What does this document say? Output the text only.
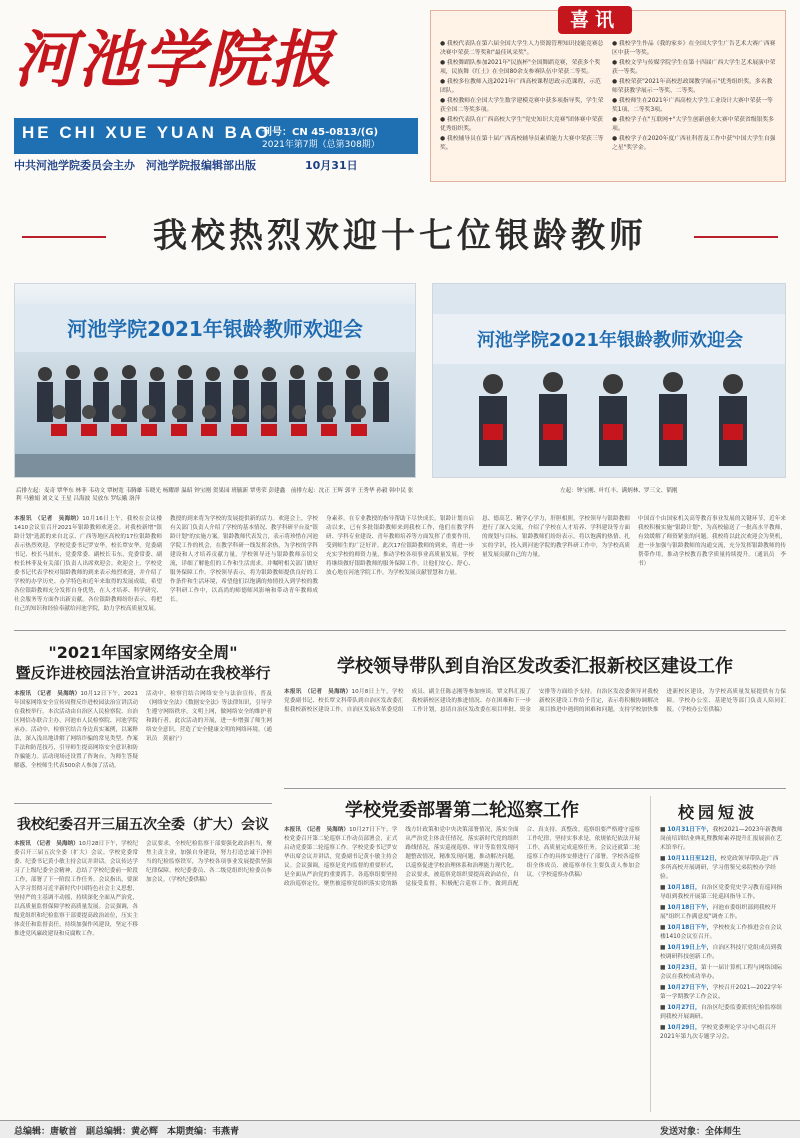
河池学院报
HE CHI XUE YUAN BAO
刊号：CN 45-0813/(G)
2021年第7期（总第308期）
中共河池学院委员会主办　河池学院报编辑部出版	10月31日
喜讯
● 我校代表队在第六届全国大学生人力资源管理知识技能竞赛总决赛中荣获二等奖和"最佳风采奖"。
● 我校舞蹈队参加2021年"民族杯"全国舞蹈竞赛，荣获多个奖项，民族舞《红土》在全国80余支参赛队伍中荣获二等奖。
● 我校多位教师入选2021年广西高校课程思政示范课程、示范团队。
● 我校教师在全国大学生数学建模竞赛中获多项指导奖，学生荣获全国二等奖多项。
● 我校代表队在广西高校大学生"党史知识大竞赛"团体赛中荣获优秀组织奖。
● 我校辅导员在第十届广西高校辅导员素质能力大赛中荣获三等奖。
● 我校学生作品《我的家乡》在全国大学生广告艺术大赛广西赛区中获一等奖。
● 我校文学与传媒学院学生在第十四届广西大学生艺术展演中荣获一等奖。
● 我校荣获"2021年高校思政课教学展示"优秀组织奖，多名教师荣获教学展示一等奖、二等奖。
● 我校师生在2021年广西高校大学生工业设计大赛中荣获一等奖1项、二等奖3项。
● 我校学子在"互联网+"大学生创新创业大赛中荣获省级银奖多项。
● 我校学子在2020年度广西社科普及工作中获"中国大学生自强之星"奖学金。
我校热烈欢迎十七位银龄教师
河池学院2021年银龄教师欢迎会
后排左起：麦奇 覃华东 林菲 韦功文 覃树宽 韦腾雄 韦晓光 杨耀群 温昭 钟宝刚 贺果园 班毓新 覃勇荣 彭建鑫　前排左起：沈正 王辉 郭平 王秀华 孙毅 韩中民 张利 马雅娟 刘文义 王星 吕海波 吴放东 罗纭娥 洛萍
河池学院2021年银龄教师欢迎会
左起：钟宝刚、叶红丰、满炳林、罗三文、韬刚
本报讯　（记者　吴海纳）10月16日上午，我校在会议楼1410会议室召开2021年银龄教师欢迎会。对我校新增"银龄计划"选派的来自北京、广西等地区高校的17位银龄教师表示热烈欢迎。学校党委书记罗安华，校长覃安华，党委副书记、校长马晨东，党委常委、副校长韦东，党委常委、副校长林菲及有关部门负责人出席欢迎会。欢迎会上，学校党委书记代表学校对银龄教师的到来表示热烈欢迎，并介绍了学校的办学历史、办学特色和近年来取得的发展成绩，希望各位银龄教师充分发挥自身优势，在人才培养、科学研究、社会服务等方面作出新贡献。各位银龄教师纷纷表示，将把自己的知识和经验奉献给河池学院，助力学校高质量发展。
教授的到来将为学校的发展提供新的活力。欢迎会上，学校有关部门负责人介绍了学校的基本情况、教学科研平台及"银龄计划"的实施方案。银龄教师代表发言，表示将珍惜在河池学院工作的机会，在教学科研一线发挥余热，为学校的学科建设和人才培养贡献力量。学校领导还与银龄教师亲切交流，详细了解他们的工作和生活需求，并嘱咐相关部门做好服务保障工作。学校领导表示，将为银龄教师提供良好的工作条件和生活环境，希望他们以饱满的热情投入到学校的教学科研工作中，以高尚的师德师风影响和带动青年教师成长。
身素养，在专业教授的指导帮助下尽快成长。银龄计划自启动以来，已有多批银龄教师来到我校工作，他们在教学科研、学科专业建设、青年教师培养等方面发挥了重要作用，受到师生的广泛好评。此次17位银龄教师的到来，将进一步充实学校的师资力量，推动学校各项事业高质量发展。学校将继续做好银龄教师的服务保障工作，让他们安心、舒心、放心地在河池学院工作，为学校发展贡献智慧和力量。
恳、德高艺、精学心学力，肝胆相照，学校领导与银龄教师进行了深入交流，介绍了学校在人才培养、学科建设等方面的规划与目标。银龄教师们纷纷表示，将以饱满的热情、扎实的学识，投入到河池学院的教学科研工作中，为学校高质量发展贡献自己的力量。
中国首个由国家机关高等教育事业发展的关键环节，近年来我校积极实施"银龄计划"，为高校输送了一批高水平教师，有效缓解了师资紧张的问题。我校将以此次欢迎会为契机，进一步加强与银龄教师的沟通交流，充分发挥银龄教师的传帮带作用，推动学校教育教学质量持续提升。（通讯员　李书）
"2021年国家网络安全周"
暨反诈进校园法治宣讲活动在我校举行
本报讯　（记者　吴海纳）10月12日下午，2021年国家网络安全宣传周暨反诈进校园法治宣讲活动在我校举行。本次活动由自治区人民检察院、自治区网信办联合主办，河池市人民检察院、河池学院承办。活动中，检察官结合身边真实案例，以案释法，深入浅出地讲解了网络诈骗的常见类型、作案手法和防范技巧，引导师生提高网络安全意识和防诈骗能力。活动现场还设置了咨询台，为师生答疑解惑。全校师生代表500余人参加了活动。
活动中，检察官结合网络安全与法治宣传，普及《网络安全法》《数据安全法》等法律知识，引导学生遵守网络秩序，文明上网，做网络安全的维护者和践行者。此次活动的开展，进一步增强了师生网络安全意识，营造了安全健康文明的网络环境。（通讯员　黄丽宁）
我校纪委召开三届五次全委（扩大）会议
本报讯　（记者　吴海纳）10月28日下午，学校纪委召开三届五次全委（扩大）会议。学校党委常委、纪委书记黄小敏主持会议并讲话。会议传达学习了上级纪委全会精神，总结了学校纪委前一阶段工作，部署了下一阶段工作任务。会议指出，要深入学习贯彻习近平新时代中国特色社会主义思想，坚持严的主基调不动摇，持续深化全面从严治党，以高质量监督保障学校高质量发展。会议强调，各级党组织和纪检监察干部要提高政治站位，压实主体责任和监督责任，持续加强作风建设，坚定不移推进党风廉政建设和反腐败工作。
会议要求，全校纪检监察干部要强化政治担当，聚焦主责主业，加强自身建设，努力打造忠诚干净担当的纪检监察铁军，为学校各项事业发展提供坚强纪律保障。校纪委委员、各二级党组织纪检委员参加会议。（学校纪委供稿）
学校领导带队到自治区发改委汇报新校区建设工作
本报讯　（记者　吴海纳）10月8日上午，学校党委副书记、校长覃文科带队到自治区发改委汇报我校新校区建设工作，自治区发展改革委党组成员、副主任陈志刚等参加座谈。覃文科汇报了我校新校区建设的推进情况、存在困难和下一步工作计划，恳请自治区发改委在项目审批、资金安排等方面给予支持。自治区发改委领导对我校新校区建设工作给予肯定，表示将积极协调解决项目推进中遇到的困难和问题，支持学校加快推进新校区建设，为学校高质量发展提供有力保障。学校办公室、基建处等部门负责人陪同汇报。（学校办公室供稿）
学校党委部署第二轮巡察工作
本报讯　（记者　吴海纳）10月27日下午，学校党委召开第二轮巡察工作动员部署会，正式启动党委第二轮巡察工作。学校党委书记罗安华出席会议并讲话，党委副书记黄小敏主持会议。会议强调，巡察是党内监督的重要形式，是全面从严治党的重要抓手。各巡察组要坚持政治巡察定位，聚焦被巡察党组织落实党的路线方针政策和党中央决策部署情况，落实全面从严治党主体责任情况，落实新时代党的组织路线情况，落实巡视巡察、审计等监督发现问题整改情况，精准发现问题，推动解决问题，以巡察促进学校治理体系和治理能力现代化。
会议要求，被巡察党组织要提高政治站位，自觉接受监督，积极配合巡察工作，做到真配合、真支持、真整改。巡察组要严格遵守巡察工作纪律，坚持实事求是，依规依纪依法开展工作，高质量完成巡察任务。会议还就第二轮巡察工作的具体安排进行了部署。学校各巡察组全体成员、被巡察单位主要负责人参加会议。（学校巡察办供稿）
校园短波
■ 10月31日下午，我校2021—2023年新教师岗前培训结业典礼暨教师素养提升汇报展演在艺术馆举行。
■ 10月11日至12日，校党政领导带队赴广西多所高校开展调研，学习借鉴兄弟院校办学经验。
■ 10月18日，自治区党委党史学习教育巡回指导组到我校开展第三轮巡回指导工作。
■ 10月18日下午，河池市委组织部到我校开展"组织工作满意度"调查工作。
■ 10月18日下午，学校校友工作推进会在会议楼1410会议室召开。
■ 10月19日上午，自治区科技厅党组成员到我校调研科技创新工作。
■ 10月23日，第十一届计算机工程与网络国际会议在我校成功举办。
■ 10月27日下午，学校召开2021—2022学年第一学期教学工作会议。
■ 10月27日，自治区纪委监委派驻纪检监察组到我校开展调研。
■ 10月29日，学校党委理论学习中心组召开2021年第九次专题学习会。
总编辑：唐敏首　副总编辑：黄必辉　本期责编：韦燕青	发送对象：全体师生
